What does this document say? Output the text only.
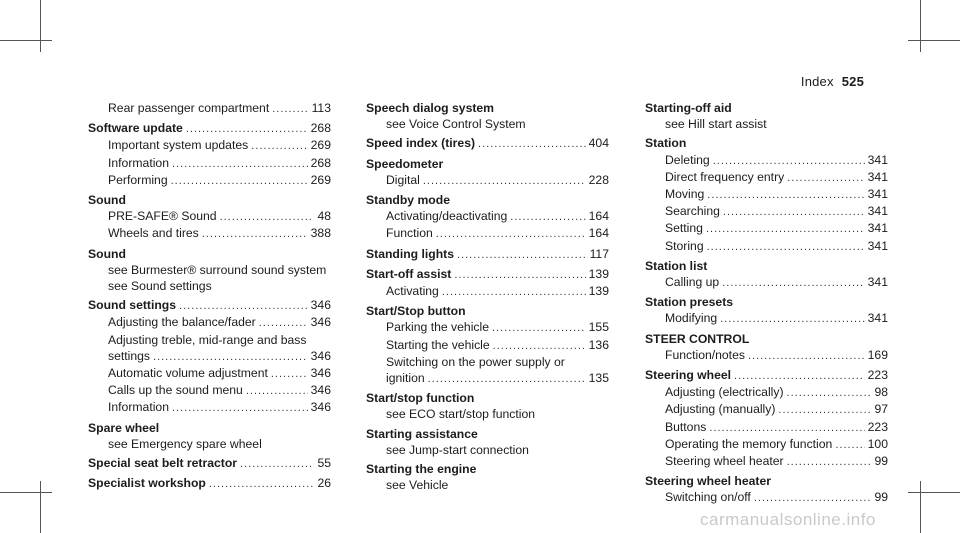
Index 525
Rear passenger compartment .....	113
Software update .....	268
Important system updates .....	269
Information .....	268
Performing .....	269
Sound
PRE-SAFE® Sound .....	48
Wheels and tires .....	388
Sound
see Burmester® surround sound system
see Sound settings
Sound settings .....	346
Adjusting the balance/fader .....	346
Adjusting treble, mid-range and bass
settings .....	346
Automatic volume adjustment .....	346
Calls up the sound menu .....	346
Information .....	346
Spare wheel
see Emergency spare wheel
Special seat belt retractor .....	55
Specialist workshop .....	26
Speech dialog system
see Voice Control System
Speed index (tires) .....	404
Speedometer
Digital .....	228
Standby mode
Activating/deactivating .....	164
Function .....	164
Standing lights .....	117
Start-off assist .....	139
Activating .....	139
Start/Stop button
Parking the vehicle .....	155
Starting the vehicle .....	136
Switching on the power supply or
ignition .....	135
Start/stop function
see ECO start/stop function
Starting assistance
see Jump-start connection
Starting the engine
see Vehicle
Starting-off aid
see Hill start assist
Station
Deleting .....	341
Direct frequency entry .....	341
Moving .....	341
Searching .....	341
Setting .....	341
Storing .....	341
Station list
Calling up .....	341
Station presets
Modifying .....	341
STEER CONTROL
Function/notes .....	169
Steering wheel .....	223
Adjusting (electrically) .....	98
Adjusting (manually) .....	97
Buttons .....	223
Operating the memory function .....	100
Steering wheel heater .....	99
Steering wheel heater
Switching on/off .....	99
carmanualsonline.info
